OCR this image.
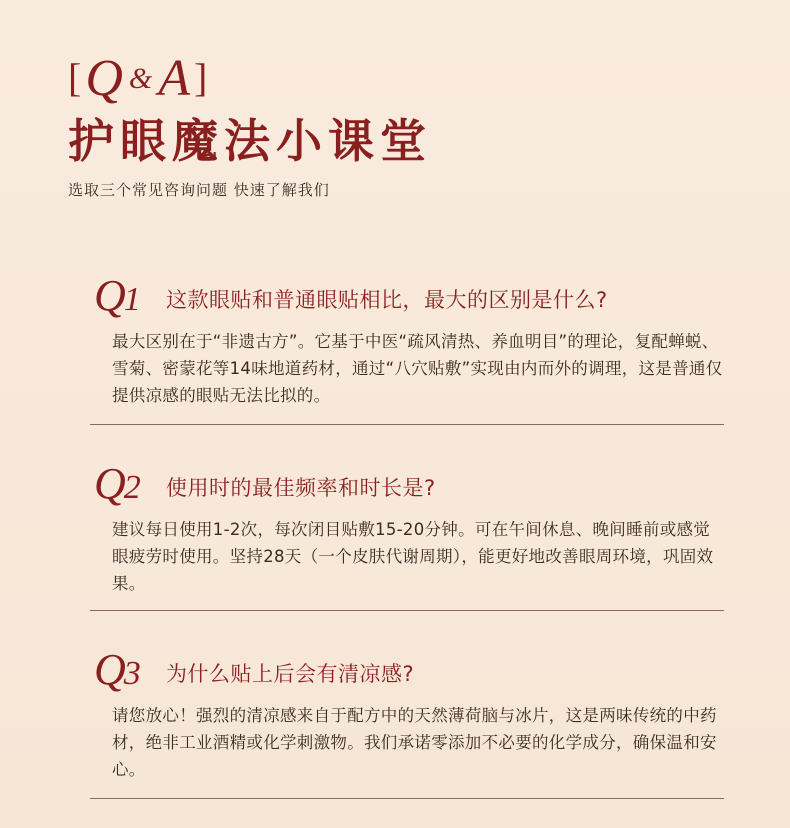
[ Q & A ]
护眼魔法小课堂
选取三个常见咨询问题 快速了解我们
Q1	这款眼贴和普通眼贴相比，最大的区别是什么?
最大区别在于“非遗古方”。它基于中医“疏风清热、养血明目”的理论，复配蝉蜕、雪菊、密蒙花等14味地道药材，通过“八穴贴敷”实现由内而外的调理，这是普通仅提供凉感的眼贴无法比拟的。
Q2	使用时的最佳频率和时长是?
建议每日使用1-2次，每次闭目贴敷15-20分钟。可在午间休息、晚间睡前或感觉眼疲劳时使用。坚持28天（一个皮肤代谢周期），能更好地改善眼周环境，巩固效果。
Q3	为什么贴上后会有清凉感?
请您放心！强烈的清凉感来自于配方中的天然薄荷脑与冰片，这是两味传统的中药材，绝非工业酒精或化学刺激物。我们承诺零添加不必要的化学成分，确保温和安心。
